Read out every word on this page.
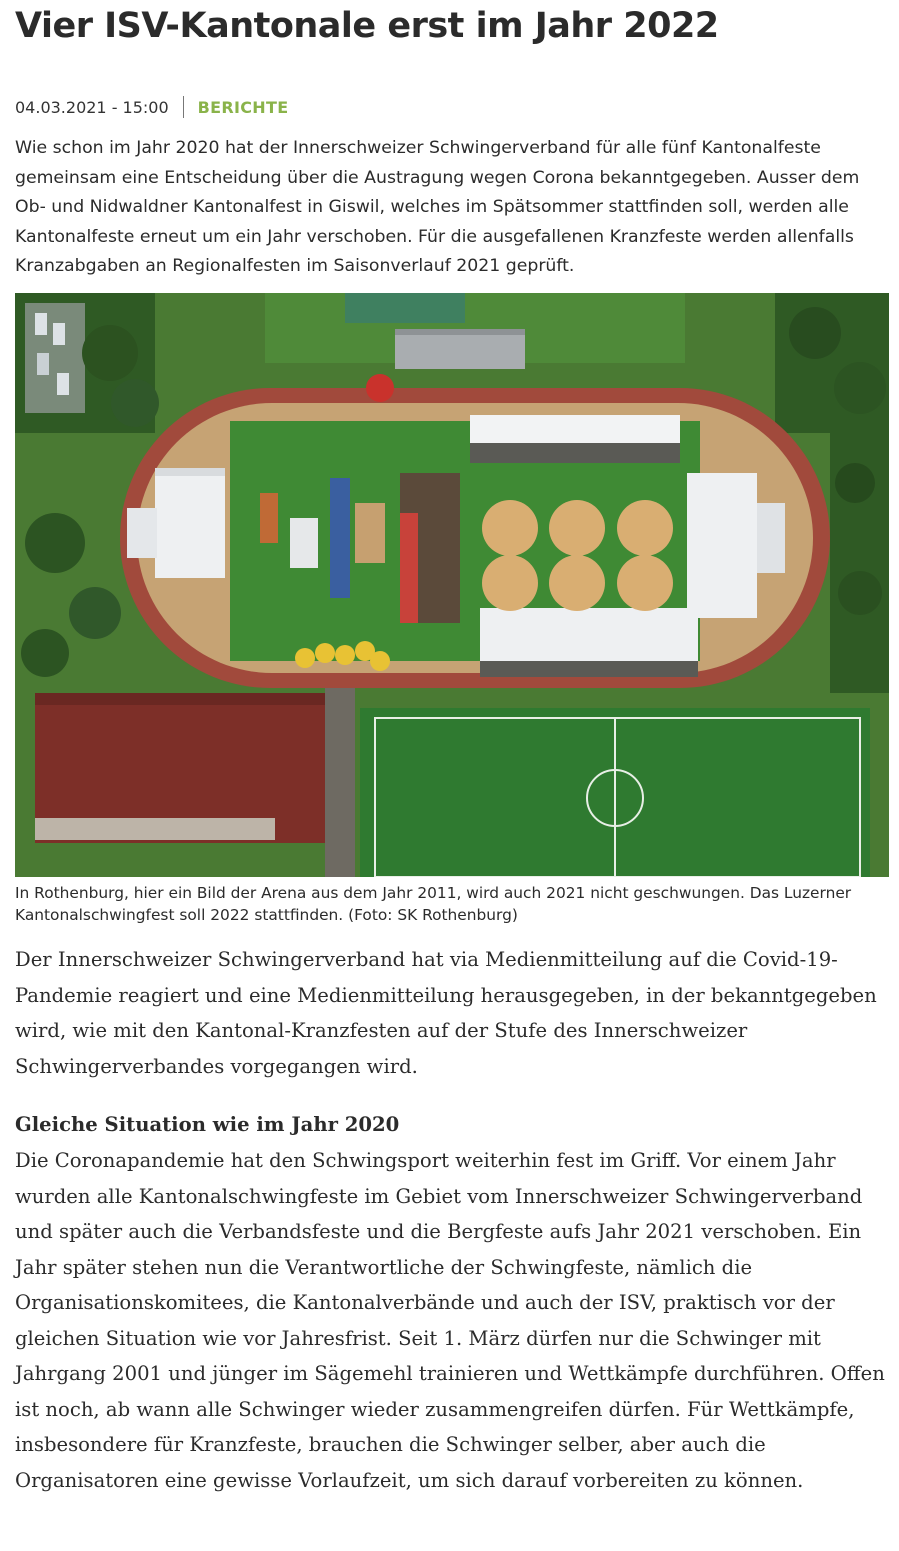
Vier ISV-Kantonale erst im Jahr 2022
04.03.2021 - 15:00 BERICHTE

Wie schon im Jahr 2020 hat der Innerschweizer Schwingerverband für alle fünf Kantonalfeste gemeinsam eine Entscheidung über die Austragung wegen Corona bekanntgegeben. Ausser dem Ob- und Nidwaldner Kantonalfest in Giswil, welches im Spätsommer stattfinden soll, werden alle Kantonalfeste erneut um ein Jahr verschoben. Für die ausgefallenen Kranzfeste werden allenfalls Kranzabgaben an Regionalfesten im Saisonverlauf 2021 geprüft.

In Rothenburg, hier ein Bild der Arena aus dem Jahr 2011, wird auch 2021 nicht geschwungen. Das Luzerner Kantonalschwingfest soll 2022 stattfinden. (Foto: SK Rothenburg)

Der Innerschweizer Schwingerverband hat via Medienmitteilung auf die Covid-19-Pandemie reagiert und eine Medienmitteilung herausgegeben, in der bekanntgegeben wird, wie mit den Kantonal-Kranzfesten auf der Stufe des Innerschweizer Schwingerverbandes vorgegangen wird.

Gleiche Situation wie im Jahr 2020

Die Coronapandemie hat den Schwingsport weiterhin fest im Griff. Vor einem Jahr wurden alle Kantonalschwingfeste im Gebiet vom Innerschweizer Schwingerverband und später auch die Verbandsfeste und die Bergfeste aufs Jahr 2021 verschoben. Ein Jahr später stehen nun die Verantwortliche der Schwingfeste, nämlich die Organisationskomitees, die Kantonalverbände und auch der ISV, praktisch vor der gleichen Situation wie vor Jahresfrist. Seit 1. März dürfen nur die Schwinger mit Jahrgang 2001 und jünger im Sägemehl trainieren und Wettkämpfe durchführen. Offen ist noch, ab wann alle Schwinger wieder zusammengreifen dürfen. Für Wettkämpfe, insbesondere für Kranzfeste, brauchen die Schwinger selber, aber auch die Organisatoren eine gewisse Vorlaufzeit, um sich darauf vorbereiten zu können.
